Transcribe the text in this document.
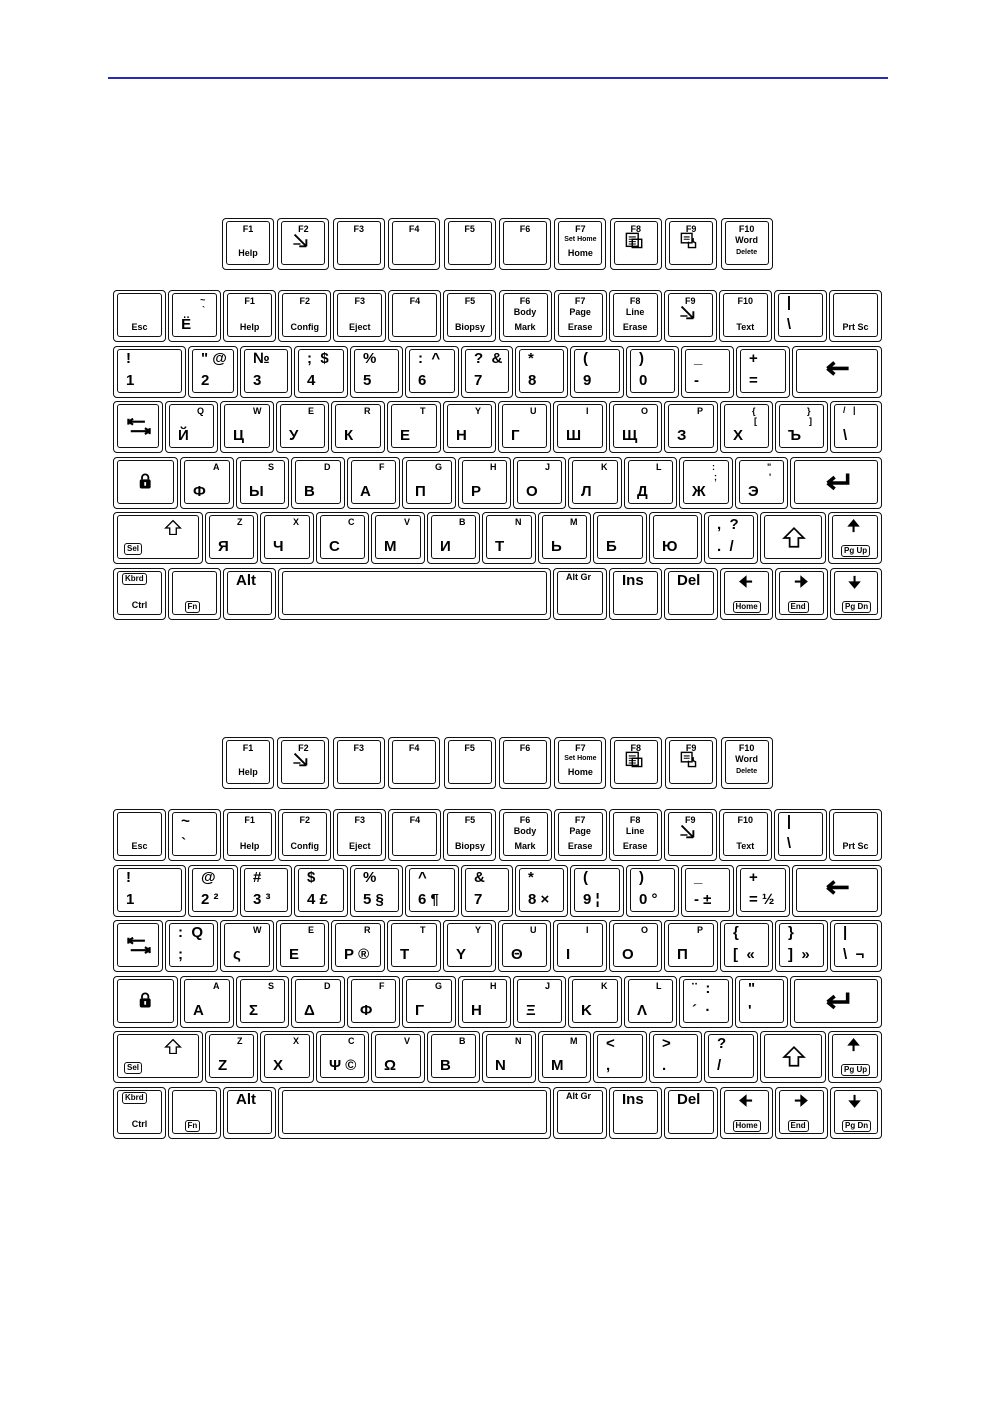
F1
Help
F2	F3	F4	F5	F6	F7
Set Home
Home
F8	F9	F10
Word
Delete
Esc
~
`
Ё
F1
Help
F2
Config
F3
Eject
F4	F5
Biopsy
F6
Body
Mark
F7
Page
Erase
F8
Line
Erase
F9	F10
Text
|
\	Prt Sc
!
1
" @
2
№
3
;  $
4
%
5
:  ^
6
?  &
7
*
8
(
9
)
0
_
-
+
=
Q
Й
W
Ц
E
У
R
К
T
Е
Y
Н
U
Г
I
Ш
O
Щ
P
З
{
[
Х
}
]
Ъ
/   |
\
A
Ф
S
Ы
D
В
F
А
G
П
H
Р
J
О
K
Л
L
Д
:
;
Ж
"
'
Э
Sel
Z
Я
X
Ч
C
С
V
М
B
И
N
Т
M
Ь	Б	Ю
,  ?
.  /	Pg Up
Ctrl
Kbrd
Fn
Alt	Alt Gr Ins Del
Home	End	Pg Dn
F1
Help
F2	F3	F4	F5	F6	F7
Set Home
Home
F8	F9	F10
Word
Delete
Esc
~
`
F1
Help
F2
Config
F3
Eject
F4	F5
Biopsy
F6
Body
Mark
F7
Page
Erase
F8
Line
Erase
F9	F10
Text
|
\	Prt Sc
!
1
@
2 ²
#
3 ³
$
4 £
%
5 §
^
6 ¶
&
7
*
8 ×
(
9 ¦
)
0 °
_
- ±
+
= ½
:  Q
;
W
ς
E
Ε
R
Ρ ®
T
Τ
Y
Υ
U
Θ
I
Ι
O
Ο
P
Π
{
[  «
}
]  »
|
\  ¬
A
Α
S
Σ
D
Δ
F
Φ
G
Γ
H
Η
J
Ξ
K
Κ
L
Λ
¨  :
´  ·
"
'
Sel
Z
Ζ
X
Χ
C
Ψ ©
V
Ω
B
Β
N
Ν
M
Μ
<
,
>
.
?
/	Pg Up
Ctrl
Kbrd
Fn
Alt	Alt Gr Ins Del
Home	End	Pg Dn
